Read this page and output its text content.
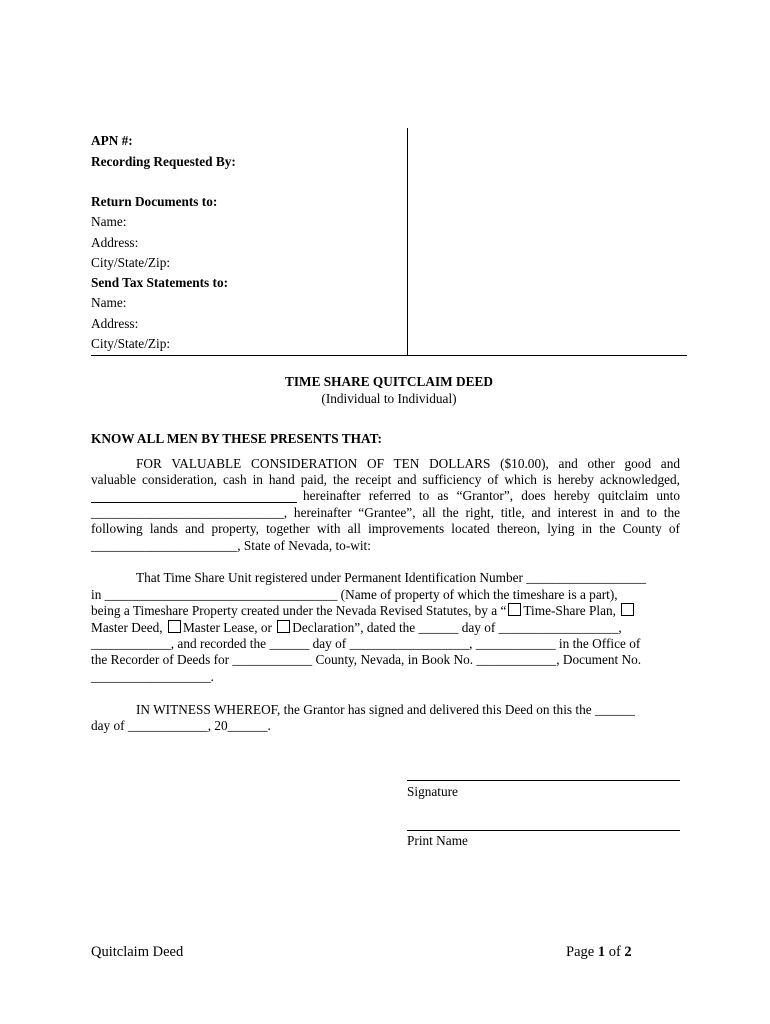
APN #:
Recording Requested By:
Return Documents to:
Name:
Address:
City/State/Zip:
Send Tax Statements to:
Name:
Address:
City/State/Zip:
TIME SHARE QUITCLAIM DEED
(Individual to Individual)
KNOW ALL MEN BY THESE PRESENTS THAT:
FOR VALUABLE CONSIDERATION OF TEN DOLLARS ($10.00), and other good and
valuable consideration, cash in hand paid, the receipt and sufficiency of which is hereby acknowledged,
hereinafter referred to as “Grantor”, does hereby quitclaim unto
_____________________________, hereinafter “Grantee”, all the right, title, and interest in and to the
following lands and property, together with all improvements located thereon, lying in the County of
______________________, State of Nevada, to-wit:
That Time Share Unit registered under Permanent Identification Number __________________
in ___________________________________ (Name of property of which the timeshare is a part),
being a Timeshare Property created under the Nevada Revised Statutes, by a “ Time-Share Plan,
Master Deed, Master Lease, or Declaration”, dated the ______ day of __________________,
____________, and recorded the ______ day of __________________, ____________ in the Office of
the Recorder of Deeds for ____________ County, Nevada, in Book No. ____________, Document No.
__________________.
IN WITNESS WHEREOF, the Grantor has signed and delivered this Deed on this the ______
day of ____________, 20______.
Signature
Print Name
Quitclaim Deed	Page 1 of 2
